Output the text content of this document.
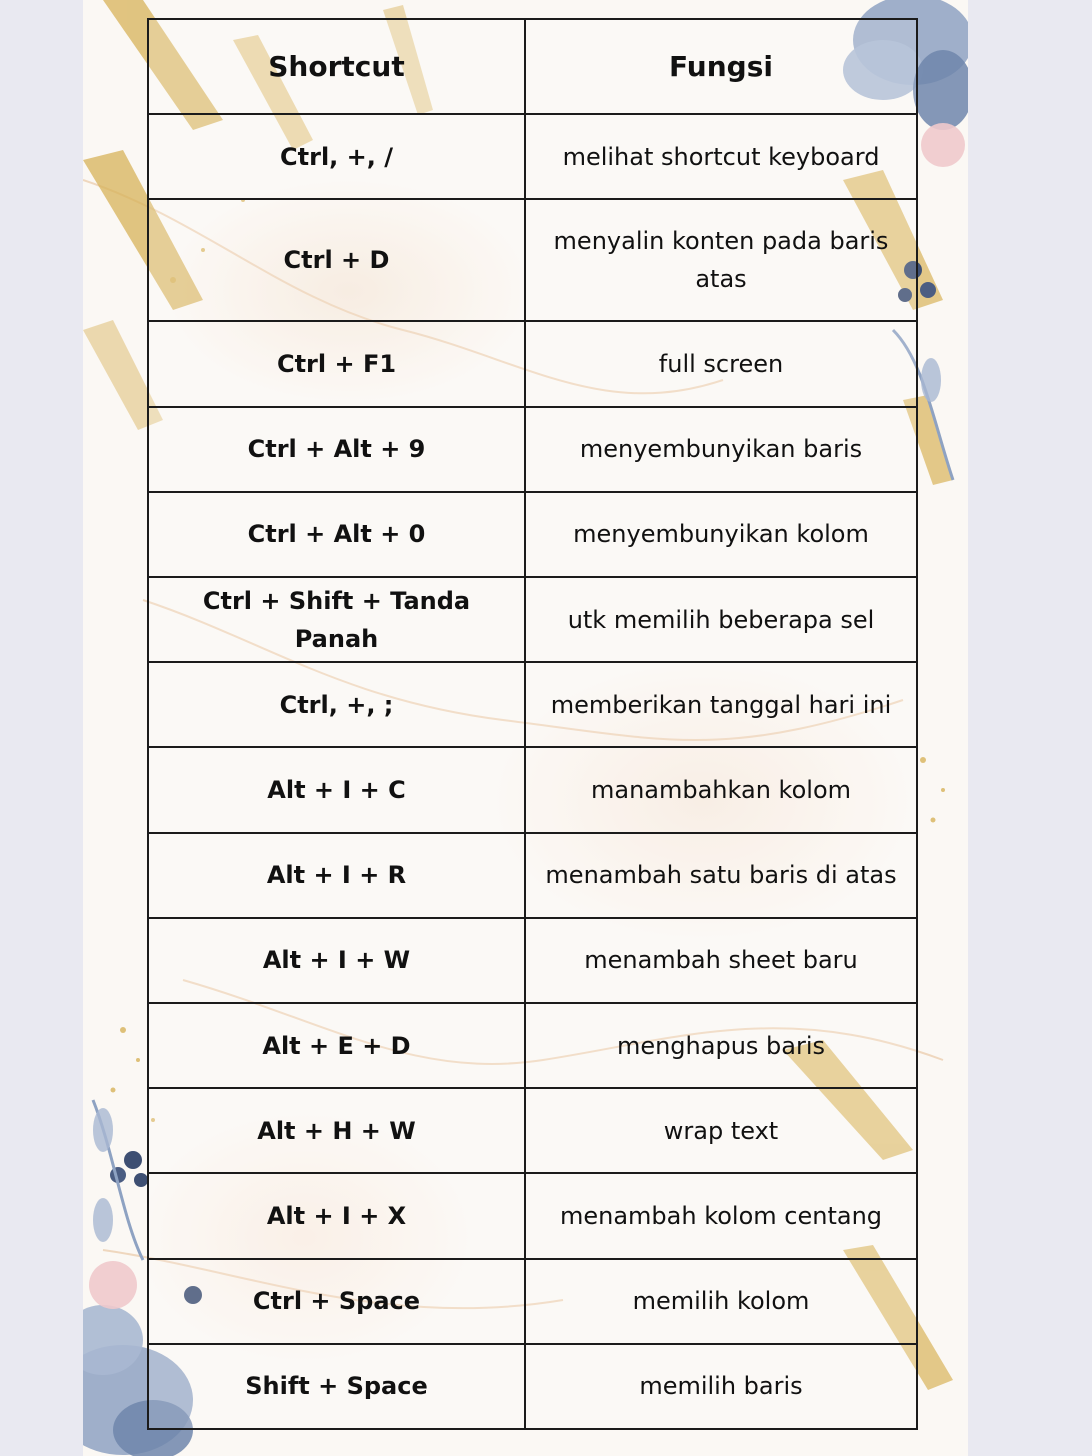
Shortcut	Fungsi
Ctrl, +, /	melihat shortcut keyboard
Ctrl + D	menyalin konten pada baris atas
Ctrl + F1	full screen
Ctrl + Alt + 9	menyembunyikan baris
Ctrl + Alt + 0	menyembunyikan kolom
Ctrl + Shift + Tanda Panah	utk memilih beberapa sel
Ctrl, +, ;	memberikan tanggal hari ini
Alt + I + C	manambahkan kolom
Alt + I + R	menambah satu baris di atas
Alt + I + W	menambah sheet baru
Alt + E + D	menghapus baris
Alt + H + W	wrap text
Alt + I + X	menambah kolom centang
Ctrl + Space	memilih kolom
Shift + Space	memilih baris
